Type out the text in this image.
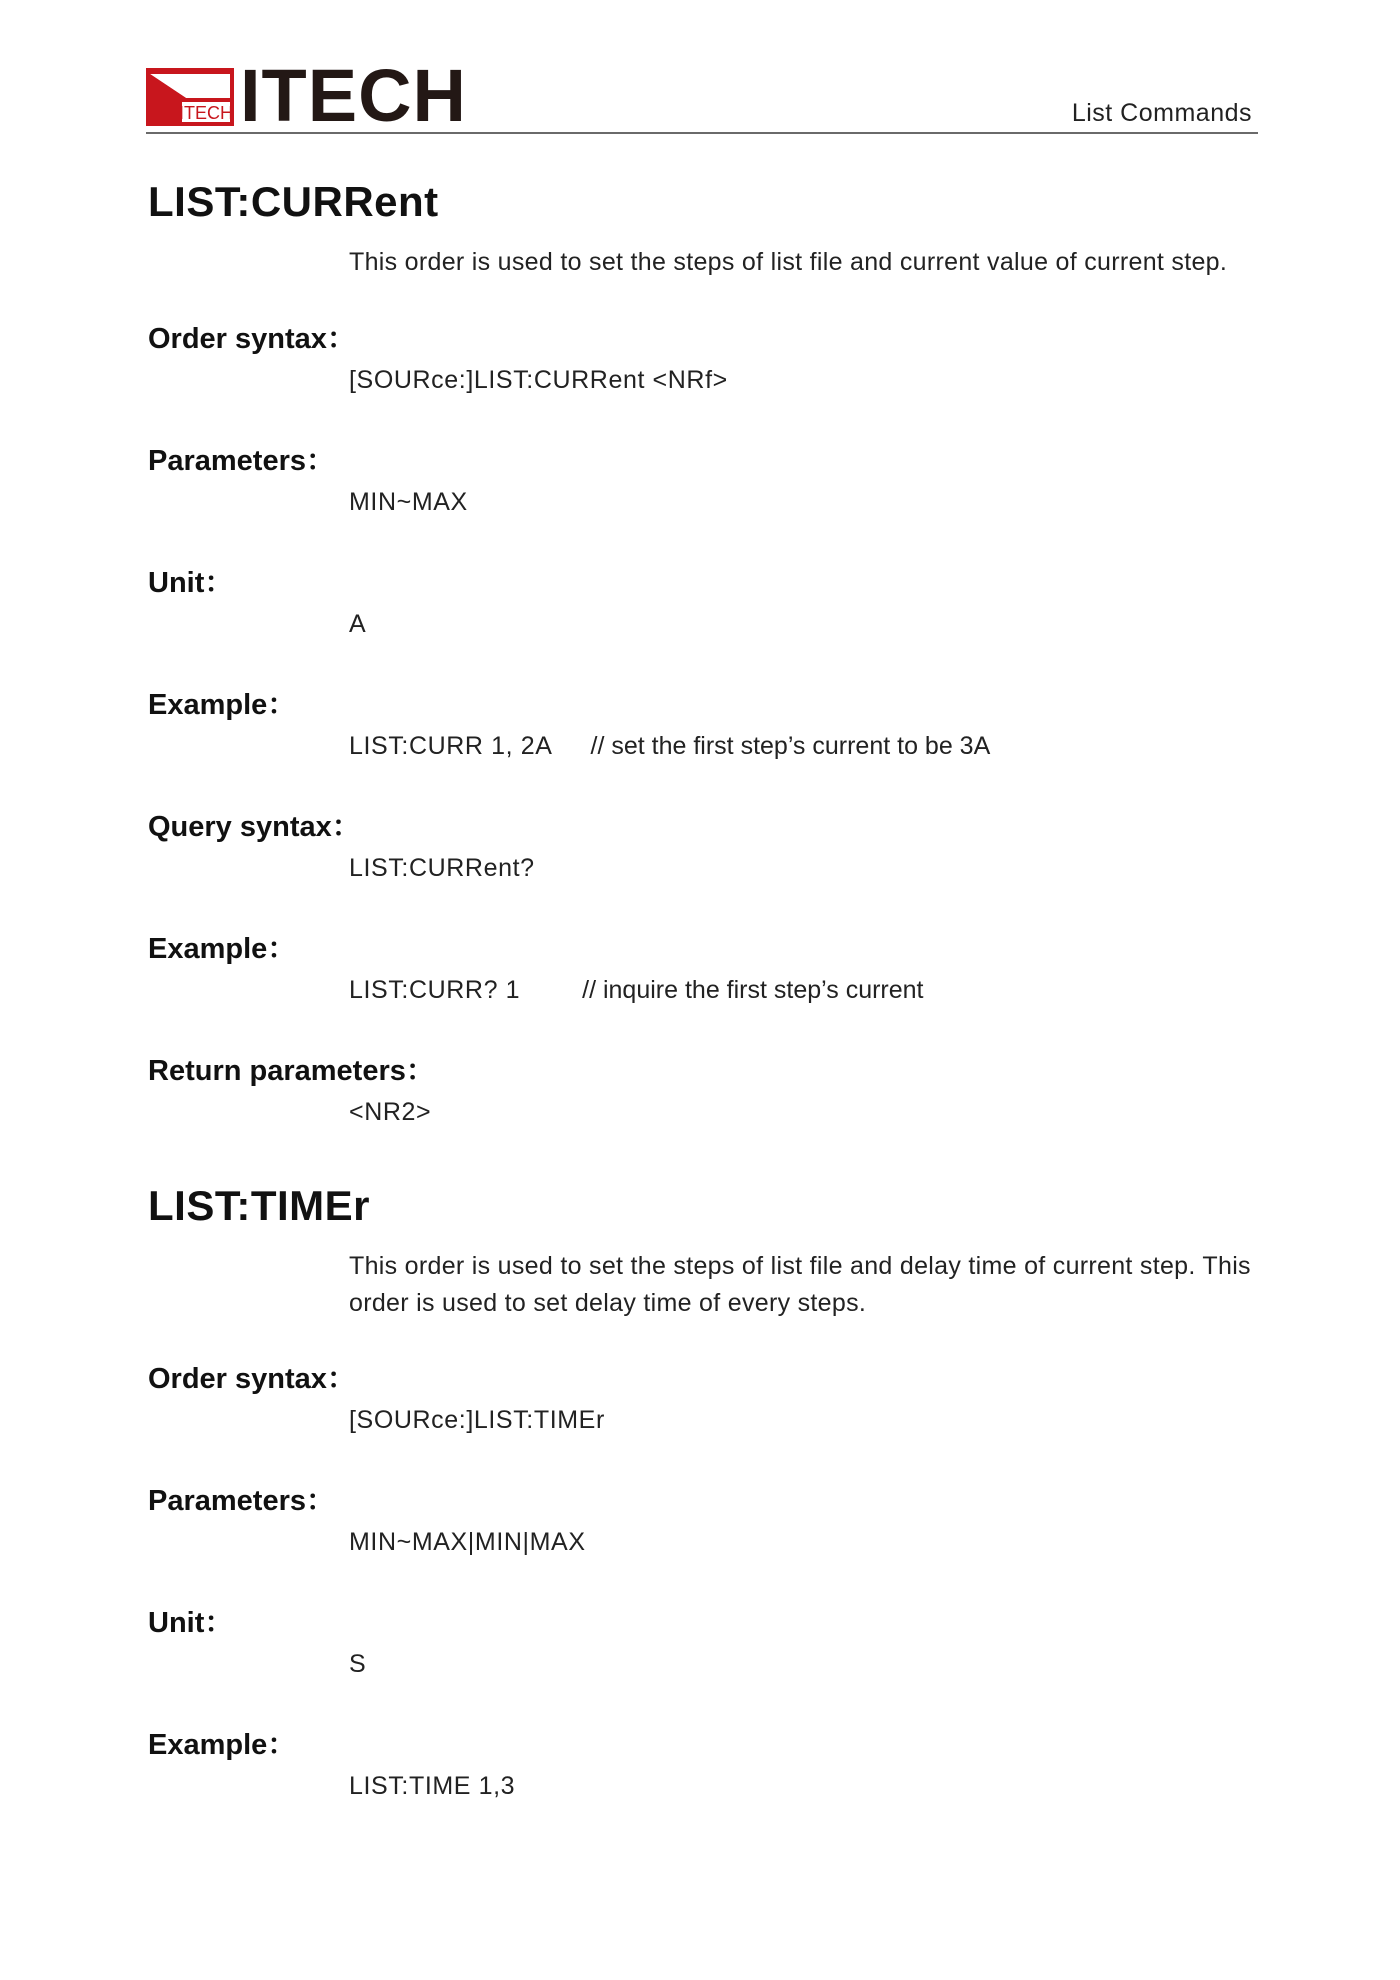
ITECH ITECH	List Commands
LIST:CURRent
This order is used to set the steps of list file and current value of current step.
Order syntax：
[SOURce:]LIST:CURRent <NRf>
Parameters：
MIN~MAX
Unit：
A
Example：
LIST:CURR 1, 2A // set the first step’s current to be 3A
Query syntax：
LIST:CURRent?
Example：
LIST:CURR? 1 // inquire the first step’s current
Return parameters：
<NR2>
LIST:TIMEr
This order is used to set the steps of list file and delay time of current step. This order is used to set delay time of every steps.
Order syntax：
[SOURce:]LIST:TIMEr
Parameters：
MIN~MAX|MIN|MAX
Unit：
S
Example：
LIST:TIME 1,3
